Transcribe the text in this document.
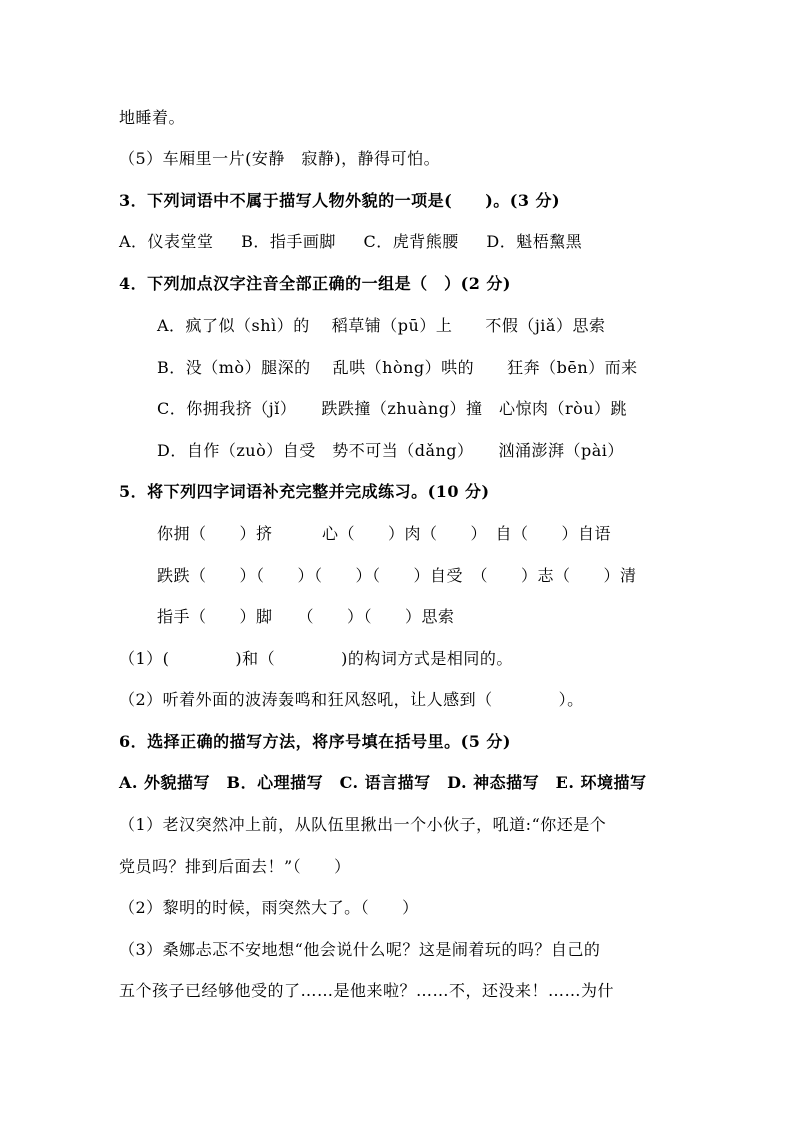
地睡着。
（5）车厢里一片(安静　寂静)，静得可怕。
3．下列词语中不属于描写人物外貌的一项是(　　)。(3 分)
A．仪表堂堂 B．指手画脚 C．虎背熊腰 D．魁梧黧黑
4．下列加点汉字注音全部正确的一组是（　）(2 分)
A．疯了似（shì）的　 稻草铺（pū）上　　不假（jiǎ）思索
B．没（mò）腿深的　 乱哄（hòng）哄的　　狂奔（bēn）而来
C．你拥我挤（jǐ）　　跌跌撞（zhuàng）撞　心惊肉（ròu）跳
D．自作（zuò）自受　势不可当（dǎng）　　汹涌澎湃（pài）
5．将下列四字词语补充完整并完成练习。(10 分)
你拥（　　）挤　　　心（　　）肉（　　）　自（　　）自语
跌跌（　　）（　　）（　　）（　　）自受　（　　）志（　　）清
指手（　　）脚　　（　　）（　　）思索
（1）(　　　　)和（　　　　)的构词方式是相同的。
（2）听着外面的波涛轰鸣和狂风怒吼，让人感到（　　　　）。
6．选择正确的描写方法，将序号填在括号里。(5 分)
A. 外貌描写　B．心理描写　C. 语言描写　D. 神态描写　E. 环境描写
（1）老汉突然冲上前，从队伍里揪出一个小伙子，吼道:“你还是个
党员吗？排到后面去！”（　　）
（2）黎明的时候，雨突然大了。（　　）
（3）桑娜忐忑不安地想“他会说什么呢？这是闹着玩的吗？自己的
五个孩子已经够他受的了……是他来啦？……不，还没来！……为什
